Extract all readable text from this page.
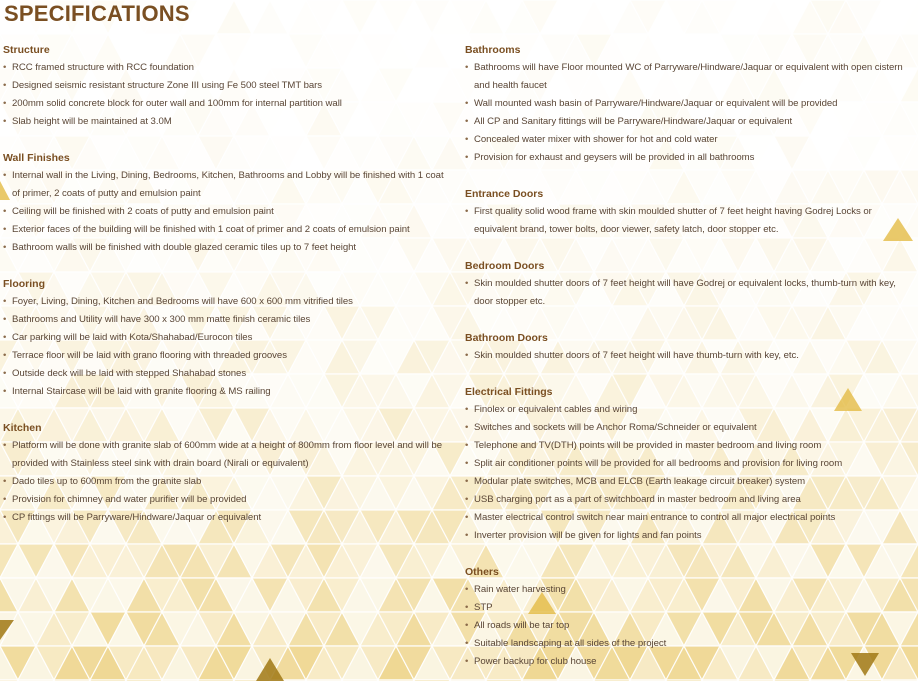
SPECIFICATIONS
Structure
• RCC framed structure with RCC foundation
• Designed seismic resistant structure Zone III using Fe 500 steel TMT bars
• 200mm solid concrete block for outer wall and 100mm for internal partition wall
• Slab height will be maintained at 3.0M
Wall Finishes
• Internal wall in the Living, Dining, Bedrooms, Kitchen, Bathrooms and Lobby will be finished with 1 coat of primer, 2 coats of putty and emulsion paint
• Ceiling will be finished with 2 coats of putty and emulsion paint
• Exterior faces of the building will be finished with 1 coat of primer and 2 coats of emulsion paint
• Bathroom walls will be finished with double glazed ceramic tiles up to 7 feet height
Flooring
• Foyer, Living, Dining, Kitchen and Bedrooms will have 600 x 600 mm vitrified tiles
• Bathrooms and Utility will have 300 x 300 mm matte finish ceramic tiles
• Car parking will be laid with Kota/Shahabad/Eurocon tiles
• Terrace floor will be laid with grano flooring with threaded grooves
• Outside deck will be laid with stepped Shahabad stones
• Internal Staircase will be laid with granite flooring & MS railing
Kitchen
• Platform will be done with granite slab of 600mm wide at a height of 800mm from floor level and will be provided with Stainless steel sink with drain board (Nirali or equivalent)
• Dado tiles up to 600mm from the granite slab
• Provision for chimney and water purifier will be provided
• CP fittings will be Parryware/Hindware/Jaquar or equivalent
Bathrooms
• Bathrooms will have Floor mounted WC of Parryware/Hindware/Jaquar or equivalent with open cistern and health faucet
• Wall mounted wash basin of Parryware/Hindware/Jaquar or equivalent will be provided
• All CP and Sanitary fittings will be Parryware/Hindware/Jaquar or equivalent
• Concealed water mixer with shower for hot and cold water
• Provision for exhaust and geysers will be provided in all bathrooms
Entrance Doors
• First quality solid wood frame with skin moulded shutter of 7 feet height having Godrej Locks or equivalent brand, tower bolts, door viewer, safety latch, door stopper etc.
Bedroom Doors
• Skin moulded shutter doors of 7 feet height will have Godrej or equivalent locks, thumb-turn with key, door stopper etc.
Bathroom Doors
• Skin moulded shutter doors of 7 feet height will have thumb-turn with key, etc.
Electrical Fittings
• Finolex or equivalent cables and wiring
• Switches and sockets will be Anchor Roma/Schneider or equivalent
• Telephone and TV(DTH) points will be provided in master bedroom and living room
• Split air conditioner points will be provided for all bedrooms and provision for living room
• Modular plate switches, MCB and ELCB (Earth leakage circuit breaker) system
• USB charging port as a part of switchboard in master bedroom and living area
• Master electrical control switch near main entrance to control all major electrical points
• Inverter provision will be given for lights and fan points
Others
• Rain water harvesting
• STP
• All roads will be tar top
• Suitable landscaping at all sides of the project
• Power backup for club house
